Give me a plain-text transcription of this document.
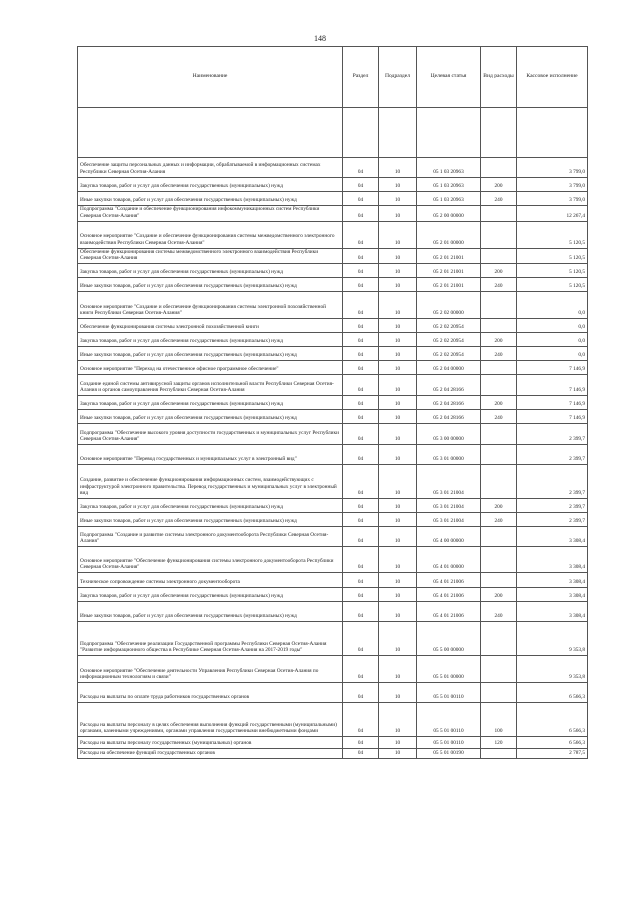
148
Наименование	Раздел	Подраздел	Целевая статья	Вид расходы	Кассовое исполнение

Обеспечение защиты персональных данных и информации, обрабатываемой в информационных системах Республики Северная Осетия-Алания	04	10	05 1 03 20963		3 799,0
Закупка товаров, работ и услуг для обеспечения государственных (муниципальных) нужд	04	10	05 1 03 20963	200	3 799,0
Иные закупки товаров, работ и услуг для обеспечения государственных (муниципальных) нужд	04	10	05 1 03 20963	240	3 799,0
Подпрограмма "Создание и обеспечение функционирования инфокоммуникационных систем Республики Северная Осетия-Алания"	04	10	05 2 00 00000		12 267,4
Основное мероприятие "Создание и обеспечение функционирования системы межведомственного электронного взаимодействия Республики Северная Осетия-Алания"	04	10	05 2 01 00000		5 120,5
Обеспечение функционирования системы межведомственного электронного взаимодействия Республики Северная Осетия-Алания	04	10	05 2 01 21001		5 120,5
Закупка товаров, работ и услуг для обеспечения государственных (муниципальных) нужд	04	10	05 2 01 21001	200	5 120,5
Иные закупки товаров, работ и услуг для обеспечения государственных (муниципальных) нужд	04	10	05 2 01 21001	240	5 120,5
Основное мероприятие "Создание и обеспечение функционирования системы электронной похозяйственной книги Республики Северная Осетия-Алания"	04	10	05 2 02 00000		0,0
Обеспечение функционирования системы электронной похозяйственной книги	04	10	05 2 02 20954		0,0
Закупка товаров, работ и услуг для обеспечения государственных (муниципальных) нужд	04	10	05 2 02 20954	200	0,0
Иные закупки товаров, работ и услуг для обеспечения государственных (муниципальных) нужд	04	10	05 2 02 20954	240	0,0
Основное мероприятие "Переход на отечественное офисное программное обеспечение"	04	10	05 2 04 00000		7 146,9
Создание единой системы антивирусной защиты органов исполнительной власти Республики Северная Осетия-Алания и органов самоуправления Республики Северная Осетия-Алания	04	10	05 2 04 28166		7 146,9
Закупка товаров, работ и услуг для обеспечения государственных (муниципальных) нужд	04	10	05 2 04 28166	200	7 146,9
Иные закупки товаров, работ и услуг для обеспечения государственных (муниципальных) нужд	04	10	05 2 04 28166	240	7 146,9
Подпрограмма "Обеспечение высокого уровня доступности государственных и муниципальных услуг Республики Северная Осетия-Алания"	04	10	05 3 00 00000		2 399,7
Основное мероприятие "Перевод государственных и муниципальных услуг в электронный вид"	04	10	05 3 01 00000		2 399,7
Создание, развитие и обеспечение функционирования информационных систем, взаимодействующих с инфраструктурой электронного правительства. Перевод государственных и муниципальных услуг в электронный вид	04	10	05 3 01 21004		2 399,7
Закупка товаров, работ и услуг для обеспечения государственных (муниципальных) нужд	04	10	05 3 01 21004	200	2 399,7
Иные закупки товаров, работ и услуг для обеспечения государственных (муниципальных) нужд	04	10	05 3 01 21004	240	2 399,7
Подпрограмма "Создание и развитие системы электронного документооборота Республики Северная Осетия-Алания"	04	10	05 4 00 00000		3 308,4
Основное мероприятие "Обеспечение функционирования системы электронного документооборота Республики Северная Осетия-Алания"	04	10	05 4 01 00000		3 308,4
Техническое сопровождение системы электронного документооборота	04	10	05 4 01 21006		3 308,4
Закупка товаров, работ и услуг для обеспечения государственных (муниципальных) нужд	04	10	05 4 01 21006	200	3 308,4
Иные закупки товаров, работ и услуг для обеспечения государственных (муниципальных) нужд	04	10	05 4 01 21006	240	3 308,4
Подпрограмма "Обеспечение реализации Государственной программы Республики Северная Осетия-Алания "Развитие информационного общества в Республике Северная Осетия-Алания на 2017-2019 годы"	04	10	05 5 00 00000		9 353,8
Основное мероприятие "Обеспечение деятельности Управления Республики Северная Осетия-Алания по информационным технологиям и связи"	04	10	05 5 01 00000		9 353,8
Расходы на выплаты по оплате труда работников государственных органов	04	10	05 5 01 00110		6 566,3
Расходы на выплаты персоналу в целях обеспечения выполнения функций государственными (муниципальными) органами, казенными учреждениями, органами управления государственными внебюджетными фондами	04	10	05 5 01 00110	100	6 566,3
Расходы на выплаты персоналу государственных (муниципальных) органов	04	10	05 5 01 00110	120	6 566,3
Расходы на обеспечение функций государственных органов	04	10	05 5 01 00190		2 787,5
